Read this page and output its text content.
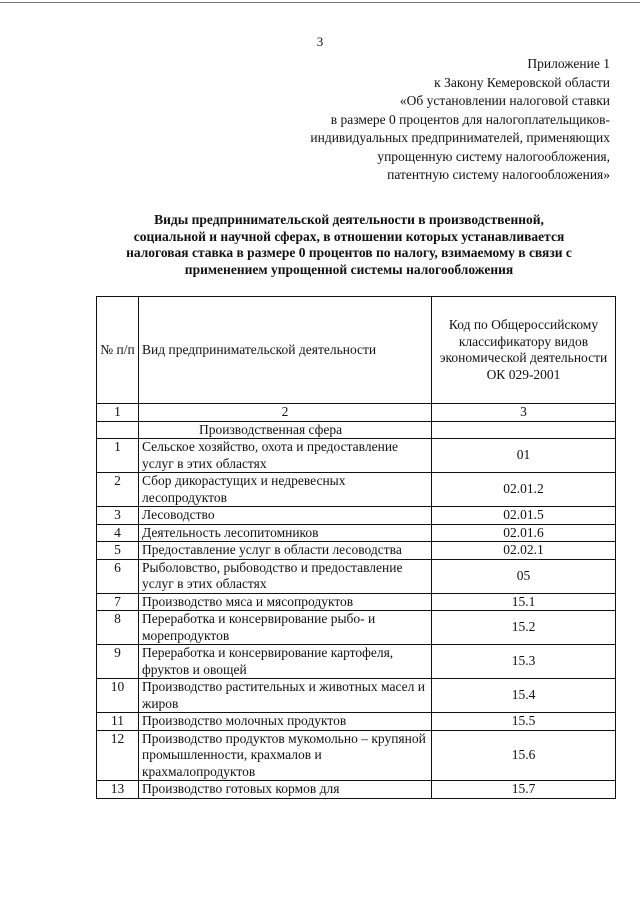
3
Приложение 1
к Закону Кемеровской области
«Об установлении налоговой ставки
в размере 0 процентов для налогоплательщиков-
индивидуальных предпринимателей, применяющих
упрощенную систему налогообложения,
патентную систему налогообложения»
Виды предпринимательской деятельности в производственной,
социальной и научной сферах, в отношении которых устанавливается
налоговая ставка в размере 0 процентов по налогу, взимаемому в связи с
применением упрощенной системы налогообложения
№ п/п	Вид предпринимательской деятельности	Код по Общероссийскому классификатору видов экономической деятельности ОК 029-2001
1	2	3
	Производственная сфера	
1	Сельское хозяйство, охота и предоставление услуг в этих областях	01
2	Сбор дикорастущих и недревесных лесопродуктов	02.01.2
3	Лесоводство	02.01.5
4	Деятельность лесопитомников	02.01.6
5	Предоставление услуг в области лесоводства	02.02.1
6	Рыболовство, рыбоводство и предоставление услуг в этих областях	05
7	Производство мяса и мясопродуктов	15.1
8	Переработка и консервирование рыбо- и морепродуктов	15.2
9	Переработка и консервирование картофеля, фруктов и овощей	15.3
10	Производство растительных и животных масел и жиров	15.4
11	Производство молочных продуктов	15.5
12	Производство продуктов мукомольно – крупяной промышленности, крахмалов и крахмалопродуктов	15.6
13	Производство готовых кормов для	15.7
